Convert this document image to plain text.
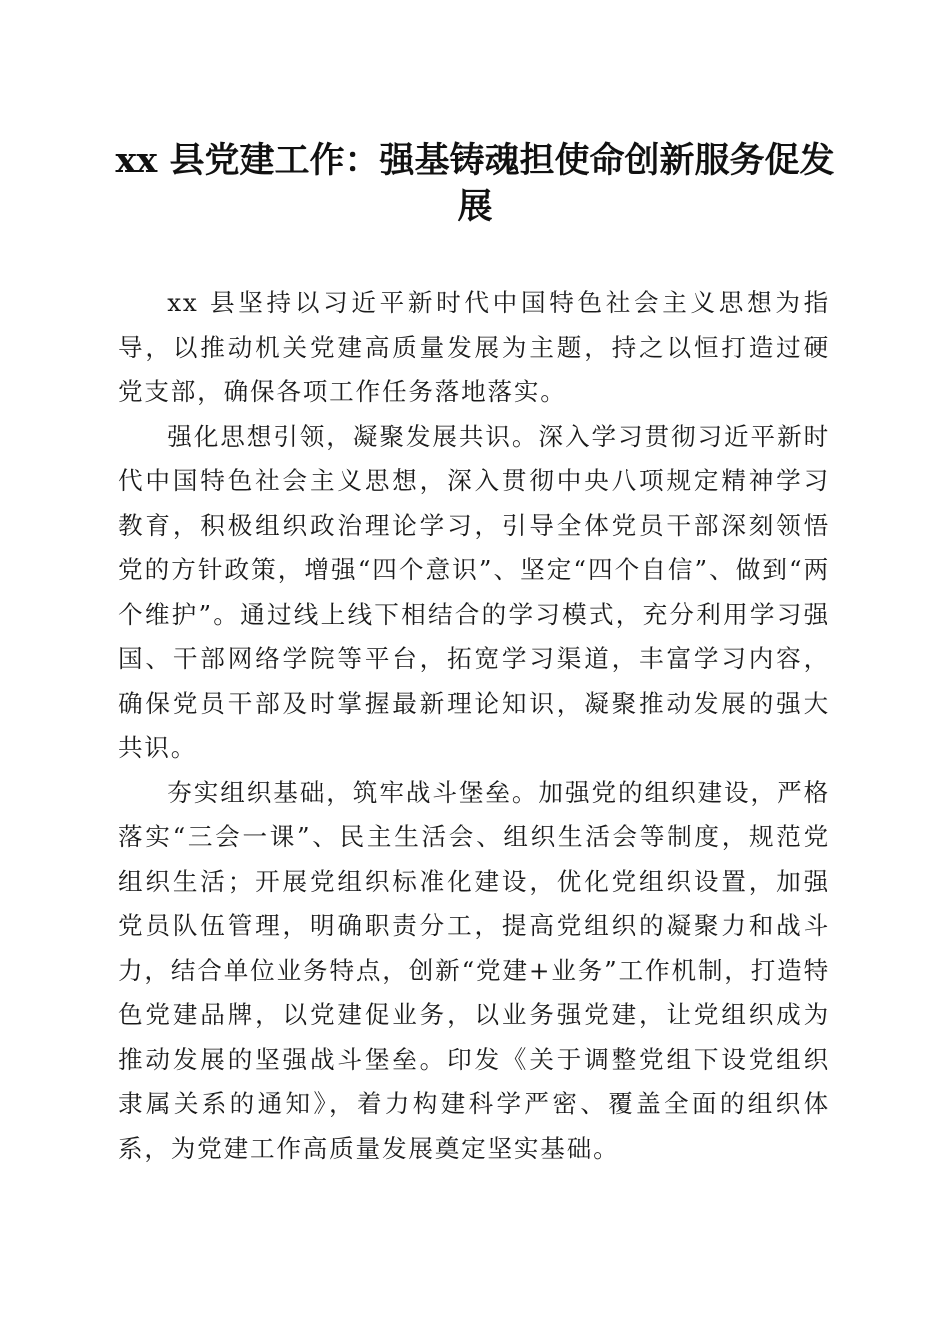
xx 县党建工作：强基铸魂担使命创新服务促发展

xx 县坚持以习近平新时代中国特色社会主义思想为指导，以推动机关党建高质量发展为主题，持之以恒打造过硬党支部，确保各项工作任务落地落实。

强化思想引领，凝聚发展共识。深入学习贯彻习近平新时代中国特色社会主义思想，深入贯彻中央八项规定精神学习教育，积极组织政治理论学习，引导全体党员干部深刻领悟党的方针政策，增强“四个意识”、坚定“四个自信”、做到“两个维护”。通过线上线下相结合的学习模式，充分利用学习强国、干部网络学院等平台，拓宽学习渠道，丰富学习内容，确保党员干部及时掌握最新理论知识，凝聚推动发展的强大共识。

夯实组织基础，筑牢战斗堡垒。加强党的组织建设，严格落实“三会一课”、民主生活会、组织生活会等制度，规范党组织生活；开展党组织标准化建设，优化党组织设置，加强党员队伍管理，明确职责分工，提高党组织的凝聚力和战斗力，结合单位业务特点，创新“党建+业务”工作机制，打造特色党建品牌，以党建促业务，以业务强党建，让党组织成为推动发展的坚强战斗堡垒。印发《关于调整党组下设党组织隶属关系的通知》，着力构建科学严密、覆盖全面的组织体系，为党建工作高质量发展奠定坚实基础。
